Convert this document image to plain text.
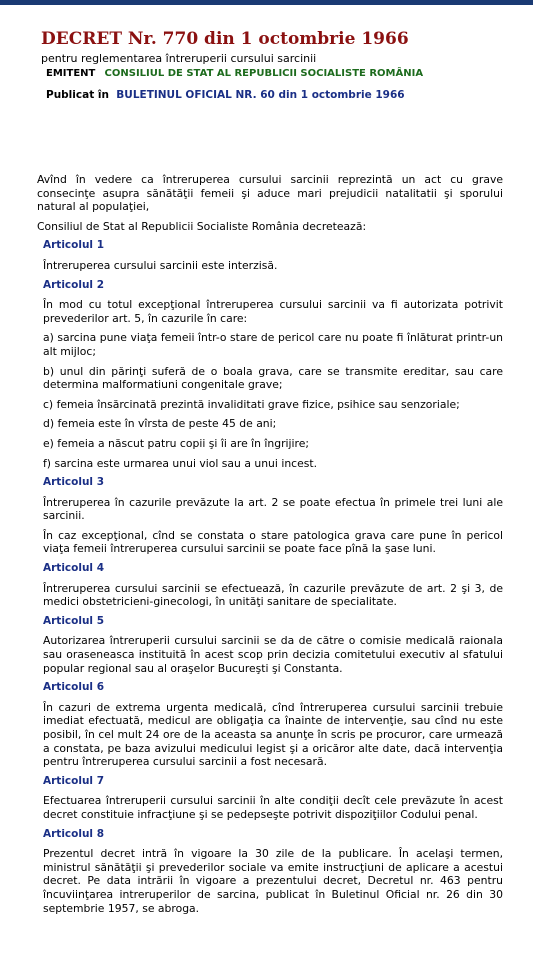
DECRET Nr. 770 din 1 octombrie 1966
pentru reglementarea întreruperii cursului sarcinii
EMITENT CONSILIUL DE STAT AL REPUBLICII SOCIALISTE ROMÂNIA
Publicat în BULETINUL OFICIAL NR. 60 din 1 octombrie 1966

Avînd în vedere ca întreruperea cursului sarcinii reprezintă un act cu grave consecinţe asupra sănătăţii femeii şi aduce mari prejudicii natalitatii şi sporului natural al populaţiei,

Consiliul de Stat al Republicii Socialiste România decretează:

Articolul 1

Întreruperea cursului sarcinii este interzisă.

Articolul 2

În mod cu totul excepţional întreruperea cursului sarcinii va fi autorizata potrivit prevederilor art. 5, în cazurile în care:

a) sarcina pune viaţa femeii într-o stare de pericol care nu poate fi înlăturat printr-un alt mijloc;

b) unul din părinţi suferă de o boala grava, care se transmite ereditar, sau care determina malformatiuni congenitale grave;

c) femeia însărcinată prezintă invaliditati grave fizice, psihice sau senzoriale;

d) femeia este în vîrsta de peste 45 de ani;

e) femeia a născut patru copii şi îi are în îngrijire;

f) sarcina este urmarea unui viol sau a unui incest.

Articolul 3

Întreruperea în cazurile prevăzute la art. 2 se poate efectua în primele trei luni ale sarcinii.

În caz excepţional, cînd se constata o stare patologica grava care pune în pericol viaţa femeii întreruperea cursului sarcinii se poate face pînă la şase luni.

Articolul 4

Întreruperea cursului sarcinii se efectuează, în cazurile prevăzute de art. 2 şi 3, de medici obstetricieni-ginecologi, în unităţi sanitare de specialitate.

Articolul 5

Autorizarea întreruperii cursului sarcinii se da de către o comisie medicală raionala sau oraseneasca instituită în acest scop prin decizia comitetului executiv al sfatului popular regional sau al oraşelor Bucureşti şi Constanta.

Articolul 6

În cazuri de extrema urgenta medicală, cînd întreruperea cursului sarcinii trebuie imediat efectuată, medicul are obligaţia ca înainte de intervenţie, sau cînd nu este posibil, în cel mult 24 ore de la aceasta sa anunţe în scris pe procuror, care urmează a constata, pe baza avizului medicului legist şi a oricăror alte date, dacă intervenţia pentru întreruperea cursului sarcinii a fost necesară.

Articolul 7

Efectuarea întreruperii cursului sarcinii în alte condiţii decît cele prevăzute în acest decret constituie infracţiune şi se pedepseşte potrivit dispoziţiilor Codului penal.

Articolul 8

Prezentul decret intră în vigoare la 30 zile de la publicare. În acelaşi termen, ministrul sănătăţii şi prevederilor sociale va emite instrucţiuni de aplicare a acestui decret. Pe data intrării în vigoare a prezentului decret, Decretul nr. 463 pentru încuviinţarea intreruperilor de sarcina, publicat în Buletinul Oficial nr. 26 din 30 septembrie 1957, se abroga.
